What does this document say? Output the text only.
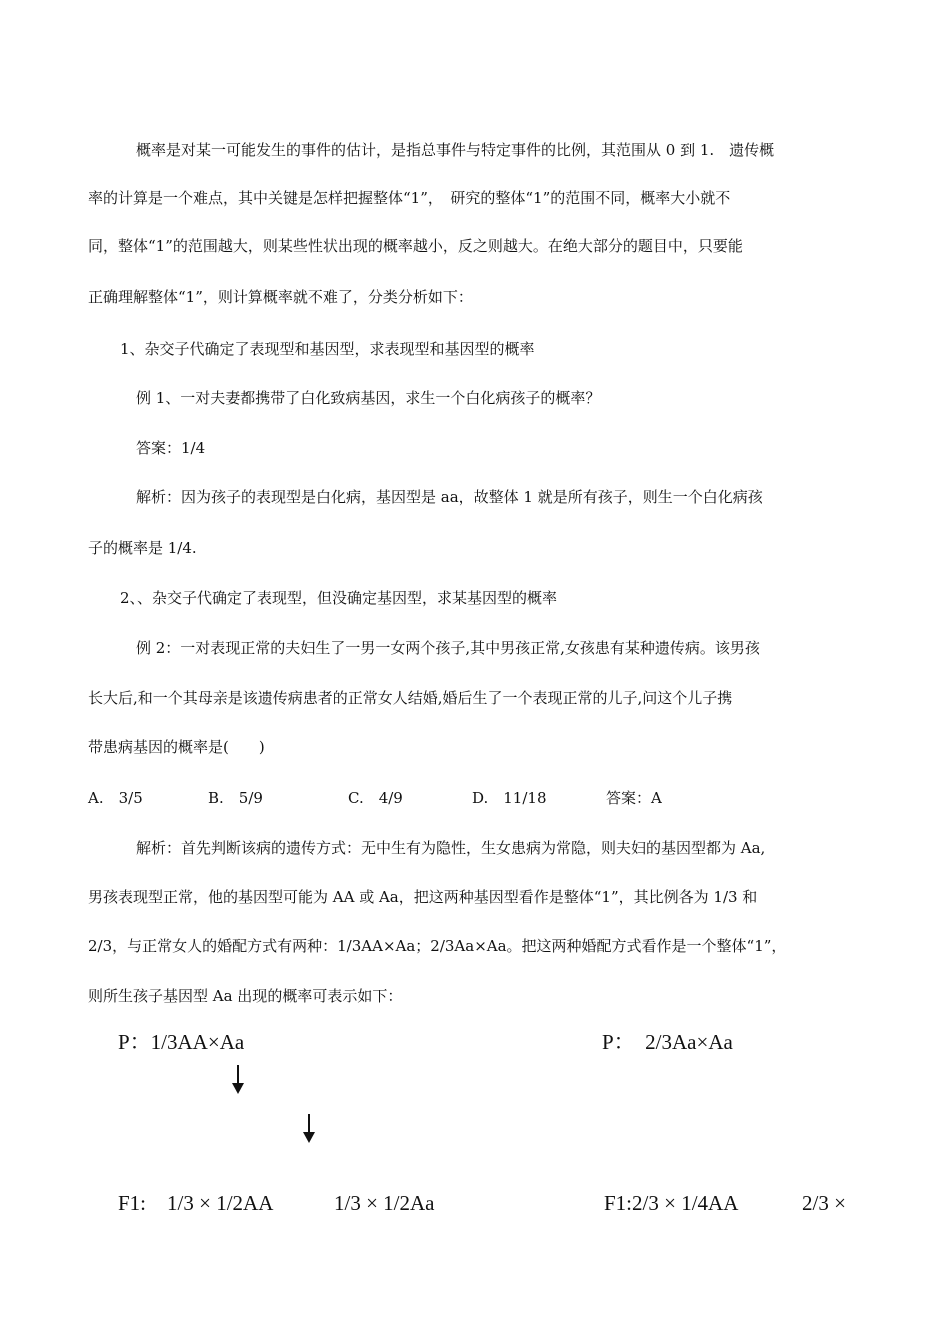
概率是对某一可能发生的事件的估计，是指总事件与特定事件的比例，其范围从 0 到 1.　遗传概
率的计算是一个难点，其中关键是怎样把握整体“1”，　研究的整体“1”的范围不同，概率大小就不
同，整体“1”的范围越大，则某些性状出现的概率越小，反之则越大。在绝大部分的题目中，只要能
正确理解整体“1”，则计算概率就不难了，分类分析如下：
1、杂交子代确定了表现型和基因型，求表现型和基因型的概率
例 1、一对夫妻都携带了白化致病基因，求生一个白化病孩子的概率？
答案：1/4
解析：因为孩子的表现型是白化病，基因型是 aa，故整体 1 就是所有孩子，则生一个白化病孩
子的概率是 1/4.
2、、杂交子代确定了表现型，但没确定基因型，求某基因型的概率
例 2：一对表现正常的夫妇生了一男一女两个孩子,其中男孩正常,女孩患有某种遗传病。该男孩
长大后,和一个其母亲是该遗传病患者的正常女人结婚,婚后生了一个表现正常的儿子,问这个儿子携
带患病基因的概率是(　　)
A.　3/5	B.　5/9	C.　4/9	D.　11/18	答案：A
解析：首先判断该病的遗传方式：无中生有为隐性，生女患病为常隐，则夫妇的基因型都为 Aa,
男孩表现型正常，他的基因型可能为 AA 或 Aa，把这两种基因型看作是整体“1”，其比例各为 1/3 和
2/3，与正常女人的婚配方式有两种：1/3AA×Aa；2/3Aa×Aa。把这两种婚配方式看作是一个整体“1”，
则所生孩子基因型 Aa 出现的概率可表示如下：
P：1/3AA×Aa	P：　2/3Aa×Aa
F1:　1/3 × 1/2AA	1/3 × 1/2Aa	F1:2/3 × 1/4AA	2/3 ×
